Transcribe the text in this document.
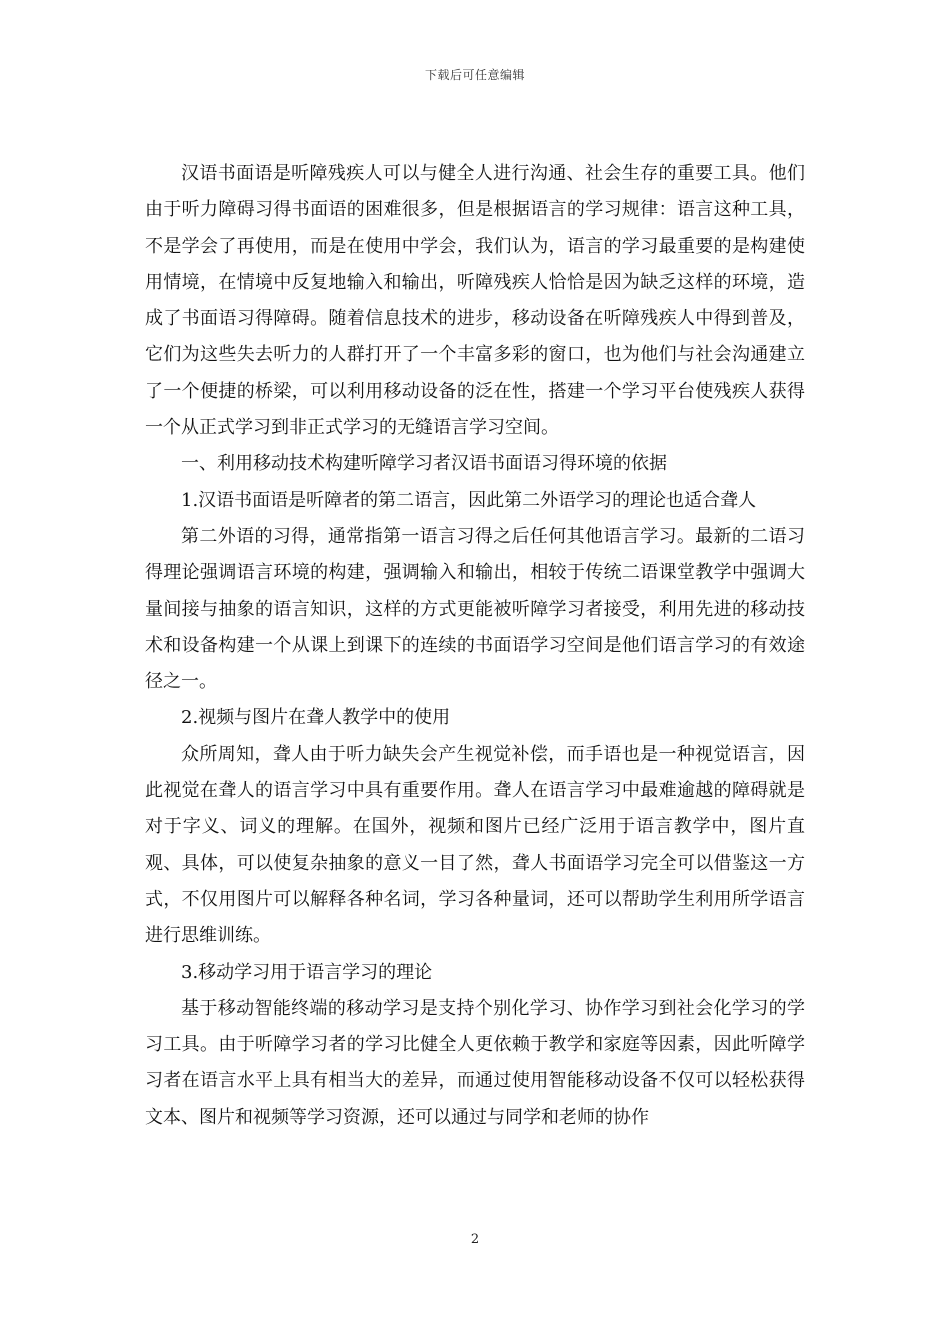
下载后可任意编辑

汉语书面语是听障残疾人可以与健全人进行沟通、社会生存的重要工具。他们由于听力障碍习得书面语的困难很多，但是根据语言的学习规律：语言这种工具，不是学会了再使用，而是在使用中学会，我们认为，语言的学习最重要的是构建使用情境，在情境中反复地输入和输出，听障残疾人恰恰是因为缺乏这样的环境，造成了书面语习得障碍。随着信息技术的进步，移动设备在听障残疾人中得到普及，它们为这些失去听力的人群打开了一个丰富多彩的窗口，也为他们与社会沟通建立了一个便捷的桥梁，可以利用移动设备的泛在性，搭建一个学习平台使残疾人获得一个从正式学习到非正式学习的无缝语言学习空间。

一、利用移动技术构建听障学习者汉语书面语习得环境的依据

1.汉语书面语是听障者的第二语言，因此第二外语学习的理论也适合聋人

第二外语的习得，通常指第一语言习得之后任何其他语言学习。最新的二语习得理论强调语言环境的构建，强调输入和输出，相较于传统二语课堂教学中强调大量间接与抽象的语言知识，这样的方式更能被听障学习者接受，利用先进的移动技术和设备构建一个从课上到课下的连续的书面语学习空间是他们语言学习的有效途径之一。

2.视频与图片在聋人教学中的使用

众所周知，聋人由于听力缺失会产生视觉补偿，而手语也是一种视觉语言，因此视觉在聋人的语言学习中具有重要作用。聋人在语言学习中最难逾越的障碍就是对于字义、词义的理解。在国外，视频和图片已经广泛用于语言教学中，图片直观、具体，可以使复杂抽象的意义一目了然，聋人书面语学习完全可以借鉴这一方式，不仅用图片可以解释各种名词，学习各种量词，还可以帮助学生利用所学语言进行思维训练。

3.移动学习用于语言学习的理论

基于移动智能终端的移动学习是支持个别化学习、协作学习到社会化学习的学习工具。由于听障学习者的学习比健全人更依赖于教学和家庭等因素，因此听障学习者在语言水平上具有相当大的差异，而通过使用智能移动设备不仅可以轻松获得文本、图片和视频等学习资源，还可以通过与同学和老师的协作

2
